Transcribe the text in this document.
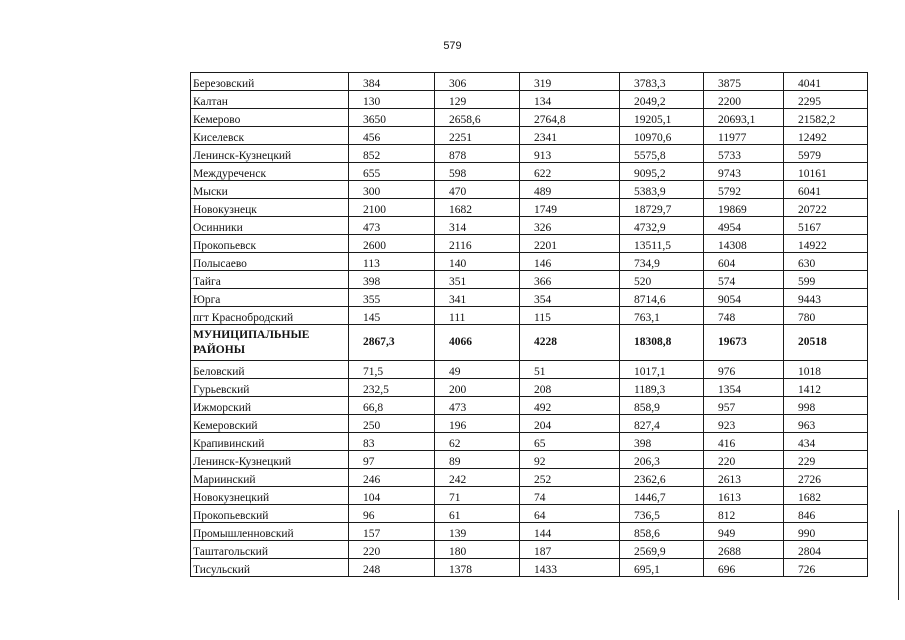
579
Березовский	384	306	319	3783,3	3875	4041
Калтан	130	129	134	2049,2	2200	2295
Кемерово	3650	2658,6	2764,8	19205,1	20693,1	21582,2
Киселевск	456	2251	2341	10970,6	11977	12492
Ленинск-Кузнецкий	852	878	913	5575,8	5733	5979
Междуреченск	655	598	622	9095,2	9743	10161
Мыски	300	470	489	5383,9	5792	6041
Новокузнецк	2100	1682	1749	18729,7	19869	20722
Осинники	473	314	326	4732,9	4954	5167
Прокопьевск	2600	2116	2201	13511,5	14308	14922
Полысаево	113	140	146	734,9	604	630
Тайга	398	351	366	520	574	599
Юрга	355	341	354	8714,6	9054	9443
пгт Краснобродский	145	111	115	763,1	748	780
МУНИЦИПАЛЬНЫЕ РАЙОНЫ	2867,3	4066	4228	18308,8	19673	20518
Беловский	71,5	49	51	1017,1	976	1018
Гурьевский	232,5	200	208	1189,3	1354	1412
Ижморский	66,8	473	492	858,9	957	998
Кемеровский	250	196	204	827,4	923	963
Крапивинский	83	62	65	398	416	434
Ленинск-Кузнецкий	97	89	92	206,3	220	229
Мариинский	246	242	252	2362,6	2613	2726
Новокузнецкий	104	71	74	1446,7	1613	1682
Прокопьевский	96	61	64	736,5	812	846
Промышленновский	157	139	144	858,6	949	990
Таштагольский	220	180	187	2569,9	2688	2804
Тисульский	248	1378	1433	695,1	696	726
